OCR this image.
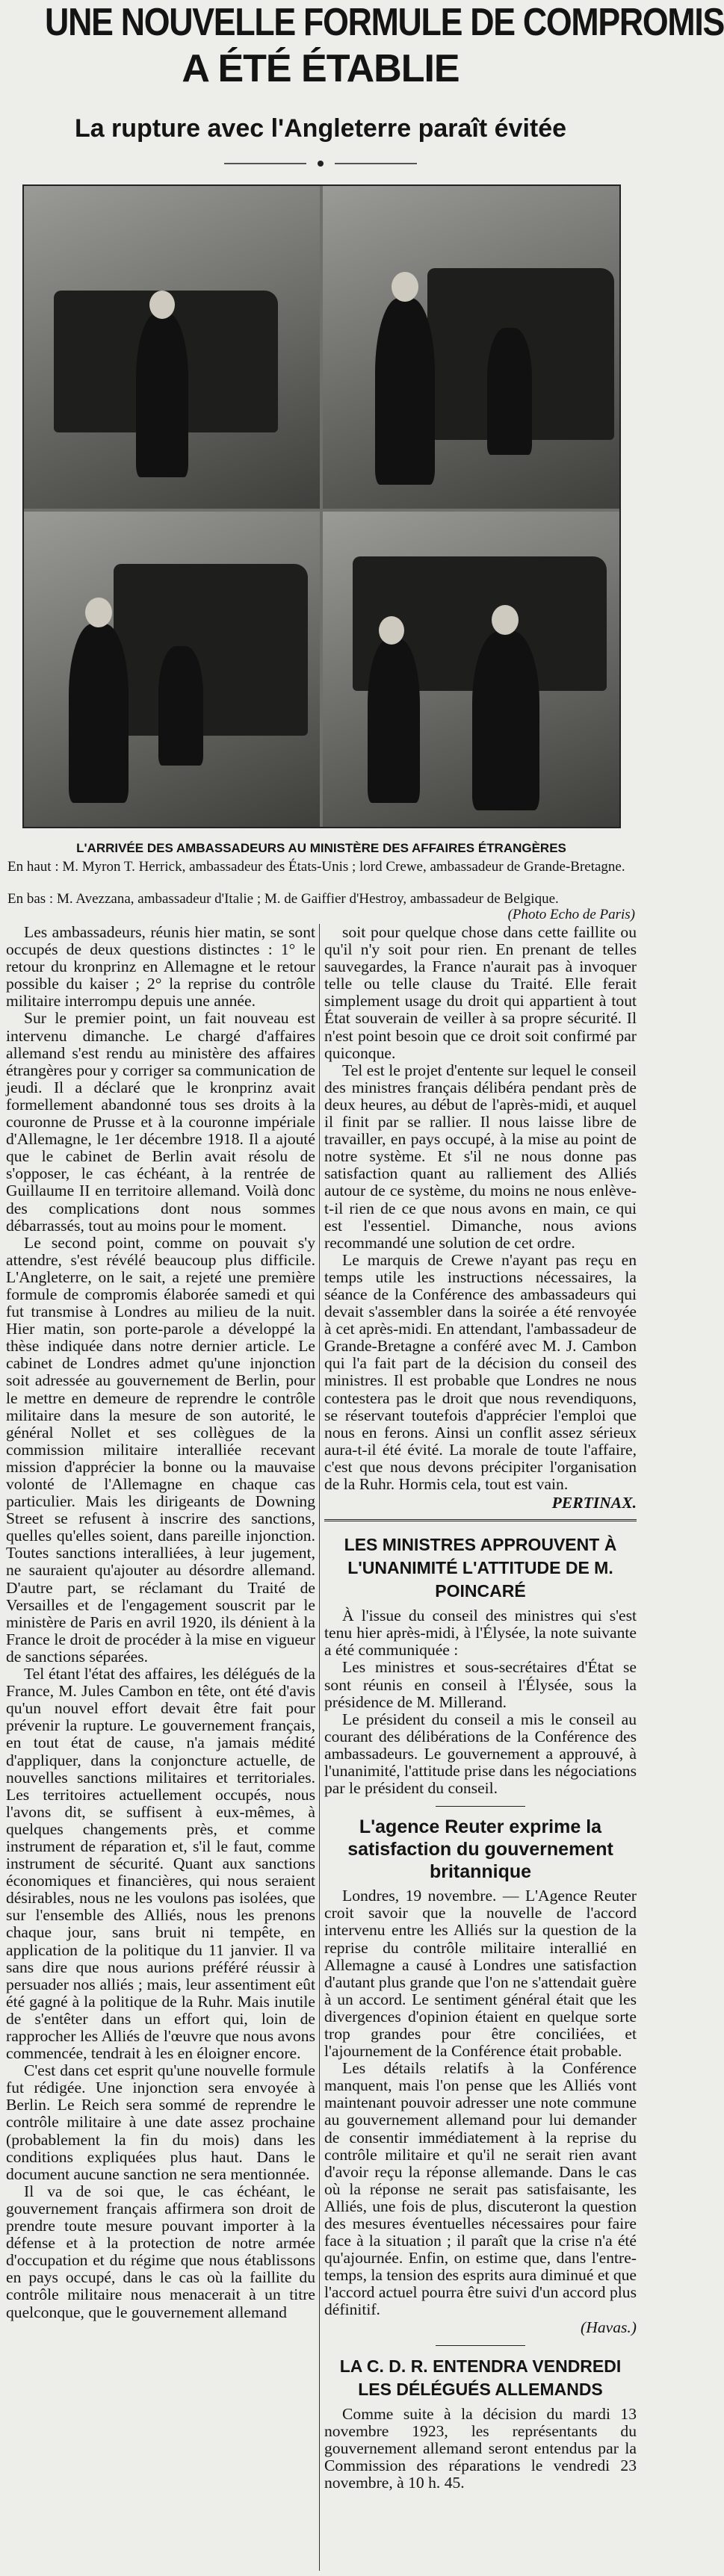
UNE NOUVELLE FORMULE DE COMPROMIS
A ÉTÉ ÉTABLIE
La rupture avec l'Angleterre paraît évitée
L'ARRIVÉE DES AMBASSADEURS AU MINISTÈRE DES AFFAIRES ÉTRANGÈRES
En haut : M. Myron T. Herrick, ambassadeur des États-Unis ; lord Crewe, ambassadeur de Grande-Bretagne.
En bas : M. Avezzana, ambassadeur d'Italie ; M. de Gaiffier d'Hestroy, ambassadeur de Belgique.
(Photo Echo de Paris)

Les ambassadeurs, réunis hier matin, se sont occupés de deux questions distinctes : 1° le retour du kronprinz en Allemagne et le retour possible du kaiser ; 2° la reprise du contrôle militaire interrompu depuis une année.

Sur le premier point, un fait nouveau est intervenu dimanche. Le chargé d'affaires allemand s'est rendu au ministère des affaires étrangères pour y corriger sa communication de jeudi. Il a déclaré que le kronprinz avait formellement abandonné tous ses droits à la couronne de Prusse et à la couronne impériale d'Allemagne, le 1er décembre 1918. Il a ajouté que le cabinet de Berlin avait résolu de s'opposer, le cas échéant, à la rentrée de Guillaume II en territoire allemand. Voilà donc des complications dont nous sommes débarrassés, tout au moins pour le moment.

Le second point, comme on pouvait s'y attendre, s'est révélé beaucoup plus difficile. L'Angleterre, on le sait, a rejeté une première formule de compromis élaborée samedi et qui fut transmise à Londres au milieu de la nuit. Hier matin, son porte-parole a développé la thèse indiquée dans notre dernier article. Le cabinet de Londres admet qu'une injonction soit adressée au gouvernement de Berlin, pour le mettre en demeure de reprendre le contrôle militaire dans la mesure de son autorité, le général Nollet et ses collègues de la commission militaire interalliée recevant mission d'apprécier la bonne ou la mauvaise volonté de l'Allemagne en chaque cas particulier. Mais les dirigeants de Downing Street se refusent à inscrire des sanctions, quelles qu'elles soient, dans pareille injonction. Toutes sanctions interalliées, à leur jugement, ne sauraient qu'ajouter au désordre allemand. D'autre part, se réclamant du Traité de Versailles et de l'engagement souscrit par le ministère de Paris en avril 1920, ils dénient à la France le droit de procéder à la mise en vigueur de sanctions séparées.

Tel étant l'état des affaires, les délégués de la France, M. Jules Cambon en tête, ont été d'avis qu'un nouvel effort devait être fait pour prévenir la rupture. Le gouvernement français, en tout état de cause, n'a jamais médité d'appliquer, dans la conjoncture actuelle, de nouvelles sanctions militaires et territoriales. Les territoires actuellement occupés, nous l'avons dit, se suffisent à eux-mêmes, à quelques changements près, et comme instrument de réparation et, s'il le faut, comme instrument de sécurité. Quant aux sanctions économiques et financières, qui nous seraient désirables, nous ne les voulons pas isolées, que sur l'ensemble des Alliés, nous les prenons chaque jour, sans bruit ni tempête, en application de la politique du 11 janvier. Il va sans dire que nous aurions préféré réussir à persuader nos alliés ; mais, leur assentiment eût été gagné à la politique de la Ruhr. Mais inutile de s'entêter dans un effort qui, loin de rapprocher les Alliés de l'œuvre que nous avons commencée, tendrait à les en éloigner encore.

C'est dans cet esprit qu'une nouvelle formule fut rédigée. Une injonction sera envoyée à Berlin. Le Reich sera sommé de reprendre le contrôle militaire à une date assez prochaine (probablement la fin du mois) dans les conditions expliquées plus haut. Dans le document aucune sanction ne sera mentionnée.

Il va de soi que, le cas échéant, le gouvernement français affirmera son droit de prendre toute mesure pouvant importer à la défense et à la protection de notre armée d'occupation et du régime que nous établissons en pays occupé, dans le cas où la faillite du contrôle militaire nous menacerait à un titre quelconque, que le gouvernement allemand

soit pour quelque chose dans cette faillite ou qu'il n'y soit pour rien. En prenant de telles sauvegardes, la France n'aurait pas à invoquer telle ou telle clause du Traité. Elle ferait simplement usage du droit qui appartient à tout État souverain de veiller à sa propre sécurité. Il n'est point besoin que ce droit soit confirmé par quiconque.

Tel est le projet d'entente sur lequel le conseil des ministres français délibéra pendant près de deux heures, au début de l'après-midi, et auquel il finit par se rallier. Il nous laisse libre de travailler, en pays occupé, à la mise au point de notre système. Et s'il ne nous donne pas satisfaction quant au ralliement des Alliés autour de ce système, du moins ne nous enlève-t-il rien de ce que nous avons en main, ce qui est l'essentiel. Dimanche, nous avions recommandé une solution de cet ordre.

Le marquis de Crewe n'ayant pas reçu en temps utile les instructions nécessaires, la séance de la Conférence des ambassadeurs qui devait s'assembler dans la soirée a été renvoyée à cet après-midi. En attendant, l'ambassadeur de Grande-Bretagne a conféré avec M. J. Cambon qui l'a fait part de la décision du conseil des ministres. Il est probable que Londres ne nous contestera pas le droit que nous revendiquons, se réservant toutefois d'apprécier l'emploi que nous en ferons. Ainsi un conflit assez sérieux aura-t-il été évité. La morale de toute l'affaire, c'est que nous devons précipiter l'organisation de la Ruhr. Hormis cela, tout est vain.

PERTINAX.
LES MINISTRES APPROUVENT À L'UNANIMITÉ L'ATTITUDE DE M. POINCARÉ

À l'issue du conseil des ministres qui s'est tenu hier après-midi, à l'Élysée, la note suivante a été communiquée :

Les ministres et sous-secrétaires d'État se sont réunis en conseil à l'Élysée, sous la présidence de M. Millerand.

Le président du conseil a mis le conseil au courant des délibérations de la Conférence des ambassadeurs. Le gouvernement a approuvé, à l'unanimité, l'attitude prise dans les négociations par le président du conseil.

L'agence Reuter exprime la satisfaction du gouvernement britannique

Londres, 19 novembre. — L'Agence Reuter croit savoir que la nouvelle de l'accord intervenu entre les Alliés sur la question de la reprise du contrôle militaire interallié en Allemagne a causé à Londres une satisfaction d'autant plus grande que l'on ne s'attendait guère à un accord. Le sentiment général était que les divergences d'opinion étaient en quelque sorte trop grandes pour être conciliées, et l'ajournement de la Conférence était probable.

Les détails relatifs à la Conférence manquent, mais l'on pense que les Alliés vont maintenant pouvoir adresser une note commune au gouvernement allemand pour lui demander de consentir immédiatement à la reprise du contrôle militaire et qu'il ne serait rien avant d'avoir reçu la réponse allemande. Dans le cas où la réponse ne serait pas satisfaisante, les Alliés, une fois de plus, discuteront la question des mesures éventuelles nécessaires pour faire face à la situation ; il paraît que la crise n'a été qu'ajournée. Enfin, on estime que, dans l'entre-temps, la tension des esprits aura diminué et que l'accord actuel pourra être suivi d'un accord plus définitif.

(Havas.)
LA C. D. R. ENTENDRA VENDREDI LES DÉLÉGUÉS ALLEMANDS

Comme suite à la décision du mardi 13 novembre 1923, les représentants du gouvernement allemand seront entendus par la Commission des réparations le vendredi 23 novembre, à 10 h. 45.
